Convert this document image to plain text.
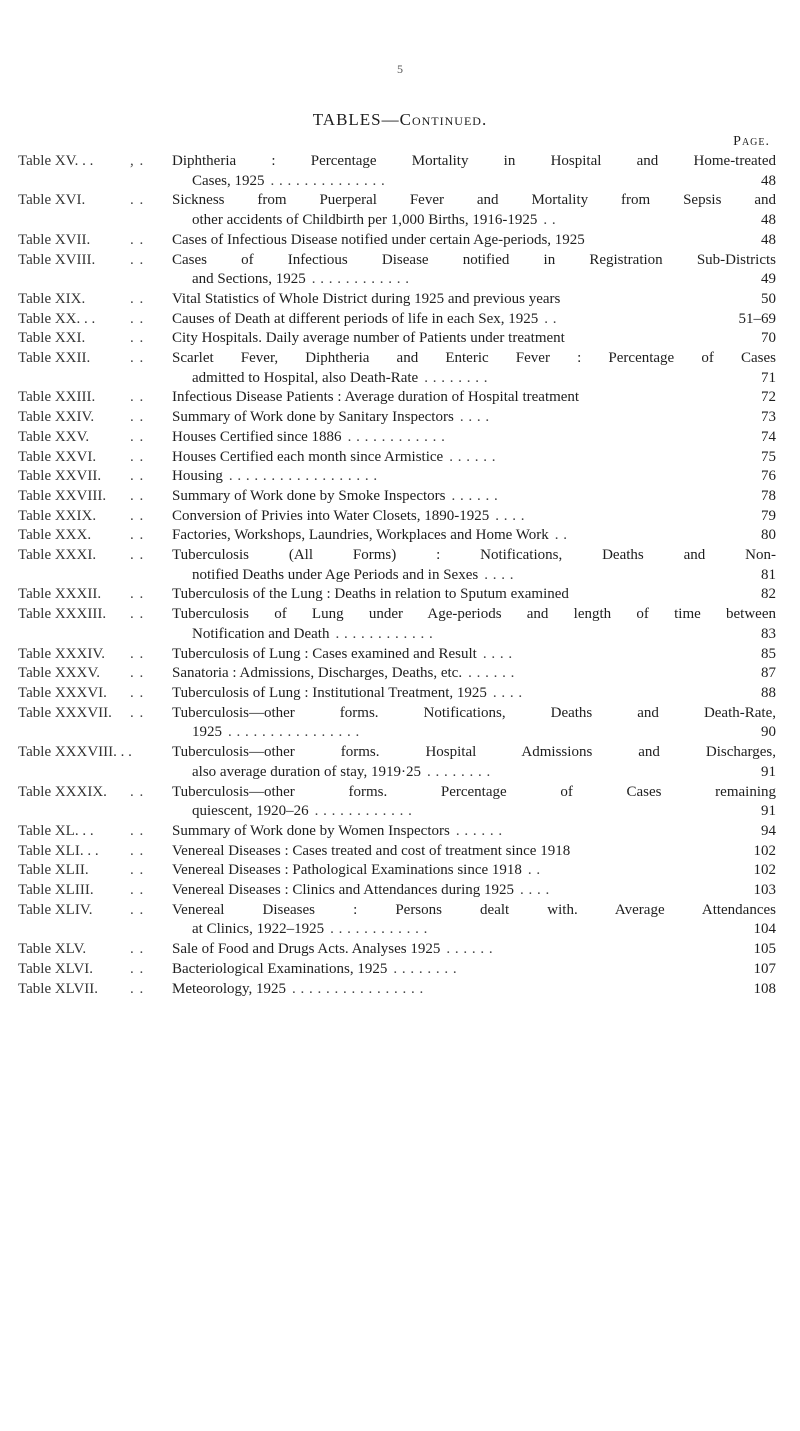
5
TABLES—Continued.
Page.
Table XV. . .	, .	Diphtheria : Percentage Mortality in Hospital and Home-treated
Cases, 1925 . . . . . . . . . . . . . .	48
Table XVI.	. .	Sickness from Puerperal Fever and Mortality from Sepsis and
other accidents of Childbirth per 1,000 Births, 1916-1925 . .	48
Table XVII.	. .	Cases of Infectious Disease notified under certain Age-periods, 1925	48
Table XVIII.	. .	Cases of Infectious Disease notified in Registration Sub-Districts
and Sections, 1925 . . . . . . . . . . . .	49
Table XIX.	. .	Vital Statistics of Whole District during 1925 and previous years	50
Table XX. . .	. .	Causes of Death at different periods of life in each Sex, 1925 . .	51–69
Table XXI.	. .	City Hospitals. Daily average number of Patients under treatment	70
Table XXII.	. .	Scarlet Fever, Diphtheria and Enteric Fever : Percentage of Cases
admitted to Hospital, also Death-Rate . . . . . . . .	71
Table XXIII.	. .	Infectious Disease Patients : Average duration of Hospital treatment	72
Table XXIV.	. .	Summary of Work done by Sanitary Inspectors . . . .	73
Table XXV.	. .	Houses Certified since 1886 . . . . . . . . . . . .	74
Table XXVI.	. .	Houses Certified each month since Armistice . . . . . .	75
Table XXVII.	. .	Housing . . . . . . . . . . . . . . . . . .	76
Table XXVIII.	. .	Summary of Work done by Smoke Inspectors . . . . . .	78
Table XXIX.	. .	Conversion of Privies into Water Closets, 1890-1925 . . . .	79
Table XXX.	. .	Factories, Workshops, Laundries, Workplaces and Home Work . .	80
Table XXXI.	. .	Tuberculosis (All Forms) : Notifications, Deaths and Non-
notified Deaths under Age Periods and in Sexes . . . .	81
Table XXXII.	. .	Tuberculosis of the Lung : Deaths in relation to Sputum examined	82
Table XXXIII.	. .	Tuberculosis of Lung under Age-periods and length of time between
Notification and Death . . . . . . . . . . . .	83
Table XXXIV.	. .	Tuberculosis of Lung : Cases examined and Result . . . .	85
Table XXXV.	. .	Sanatoria : Admissions, Discharges, Deaths, etc. . . . . . .	87
Table XXXVI.	. .	Tuberculosis of Lung : Institutional Treatment, 1925 . . . .	88
Table XXXVII.	. .	Tuberculosis—other forms. Notifications, Deaths and Death-Rate,
1925 . . . . . . . . . . . . . . . .	90
Table XXXVIII. . .	Tuberculosis—other forms. Hospital Admissions and Discharges,
also average duration of stay, 1919·25 . . . . . . . .	91
Table XXXIX.	. .	Tuberculosis—other forms. Percentage of Cases remaining
quiescent, 1920–26 . . . . . . . . . . . .	91
Table XL. . .	. .	Summary of Work done by Women Inspectors . . . . . .	94
Table XLI. . .	. .	Venereal Diseases : Cases treated and cost of treatment since 1918	102
Table XLII.	. .	Venereal Diseases : Pathological Examinations since 1918 . .	102
Table XLIII.	. .	Venereal Diseases : Clinics and Attendances during 1925 . . . .	103
Table XLIV.	. .	Venereal Diseases : Persons dealt with. Average Attendances
at Clinics, 1922–1925 . . . . . . . . . . . .	104
Table XLV.	. .	Sale of Food and Drugs Acts. Analyses 1925 . . . . . .	105
Table XLVI.	. .	Bacteriological Examinations, 1925 . . . . . . . .	107
Table XLVII.	. .	Meteorology, 1925 . . . . . . . . . . . . . . . .	108
